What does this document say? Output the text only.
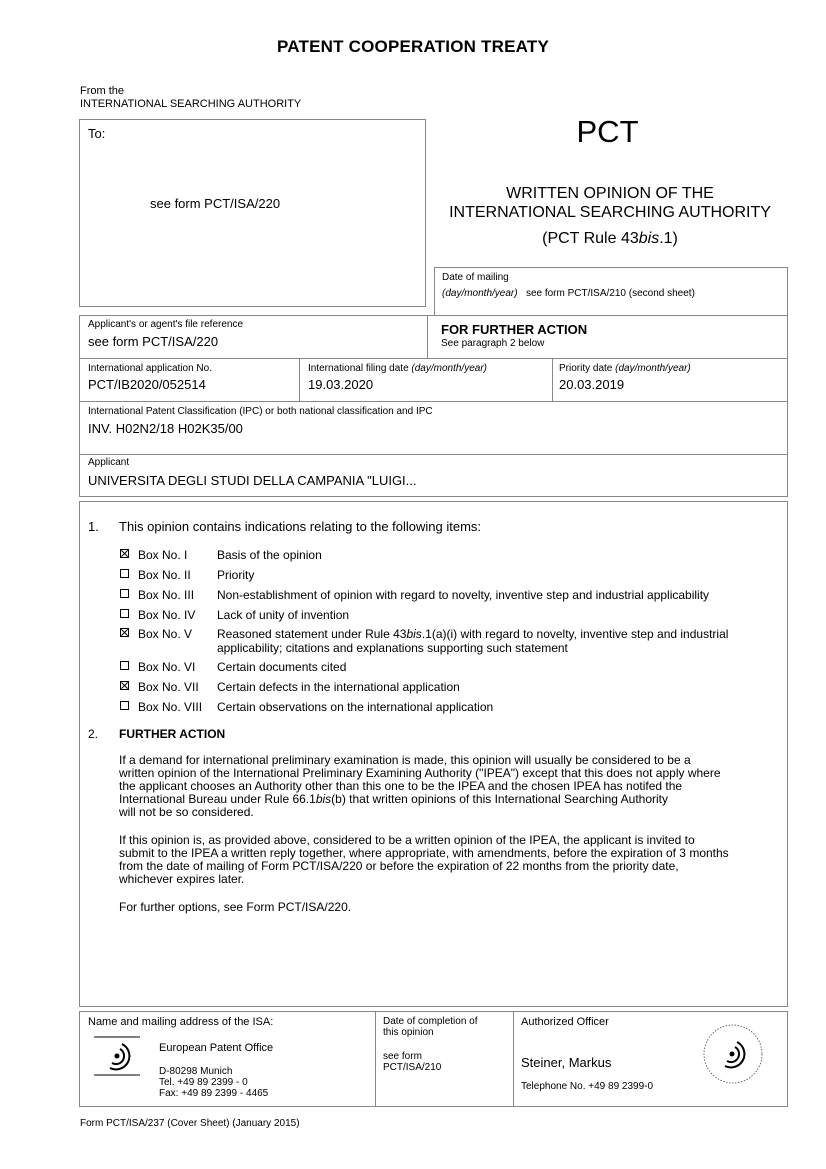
PATENT COOPERATION TREATY
From the
INTERNATIONAL SEARCHING AUTHORITY
To:
see form PCT/ISA/220
PCT
WRITTEN OPINION OF THE
INTERNATIONAL SEARCHING AUTHORITY
(PCT Rule 43bis.1)
Date of mailing
(day/month/year) see form PCT/ISA/210 (second sheet)
Applicant's or agent's file reference
see form PCT/ISA/220
FOR FURTHER ACTION
See paragraph 2 below
International application No.
PCT/IB2020/052514
International filing date (day/month/year)
19.03.2020
Priority date (day/month/year)
20.03.2019
International Patent Classification (IPC) or both national classification and IPC
INV. H02N2/18 H02K35/00
Applicant
UNIVERSITA DEGLI STUDI DELLA CAMPANIA "LUIGI...
1. This opinion contains indications relating to the following items:
Box No. I Basis of the opinion
Box No. II Priority
Box No. III Non-establishment of opinion with regard to novelty, inventive step and industrial applicability
Box No. IV Lack of unity of invention
Box No. V Reasoned statement under Rule 43bis.1(a)(i) with regard to novelty, inventive step and industrial
applicability; citations and explanations supporting such statement
Box No. VI Certain documents cited
Box No. VII Certain defects in the international application
Box No. VIII Certain observations on the international application
2. FURTHER ACTION
If a demand for international preliminary examination is made, this opinion will usually be considered to be a
written opinion of the International Preliminary Examining Authority ("IPEA") except that this does not apply where
the applicant chooses an Authority other than this one to be the IPEA and the chosen IPEA has notifed the
International Bureau under Rule 66.1bis(b) that written opinions of this International Searching Authority
will not be so considered.
If this opinion is, as provided above, considered to be a written opinion of the IPEA, the applicant is invited to
submit to the IPEA a written reply together, where appropriate, with amendments, before the expiration of 3 months
from the date of mailing of Form PCT/ISA/220 or before the expiration of 22 months from the priority date,
whichever expires later.
For further options, see Form PCT/ISA/220.
Name and mailing address of the ISA:
European Patent Office
D-80298 Munich
Tel. +49 89 2399 - 0
Fax: +49 89 2399 - 4465
Date of completion of
this opinion
see form
PCT/ISA/210
Authorized Officer
Steiner, Markus
Telephone No. +49 89 2399-0
Form PCT/ISA/237 (Cover Sheet) (January 2015)
